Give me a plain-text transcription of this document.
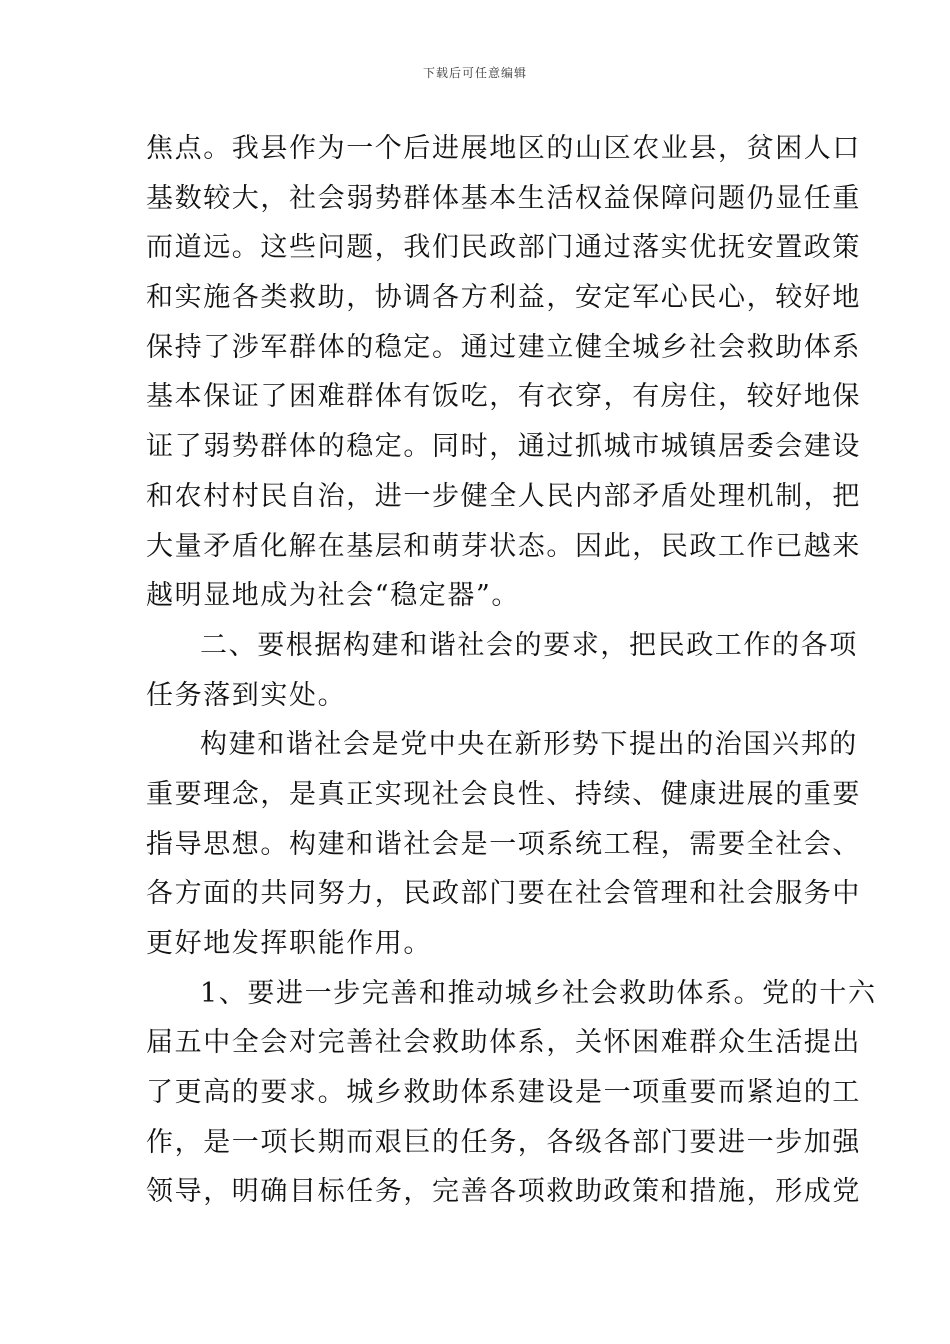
下载后可任意编辑
焦点。我县作为一个后进展地区的山区农业县，贫困人口
基数较大，社会弱势群体基本生活权益保障问题仍显任重
而道远。这些问题，我们民政部门通过落实优抚安置政策
和实施各类救助，协调各方利益，安定军心民心，较好地
保持了涉军群体的稳定。通过建立健全城乡社会救助体系
基本保证了困难群体有饭吃，有衣穿，有房住，较好地保
证了弱势群体的稳定。同时，通过抓城市城镇居委会建设
和农村村民自治，进一步健全人民内部矛盾处理机制，把
大量矛盾化解在基层和萌芽状态。因此，民政工作已越来
越明显地成为社会“稳定器”。
二、要根据构建和谐社会的要求，把民政工作的各项
任务落到实处。
构建和谐社会是党中央在新形势下提出的治国兴邦的
重要理念，是真正实现社会良性、持续、健康进展的重要
指导思想。构建和谐社会是一项系统工程，需要全社会、
各方面的共同努力，民政部门要在社会管理和社会服务中
更好地发挥职能作用。
1、要进一步完善和推动城乡社会救助体系。党的十六
届五中全会对完善社会救助体系，关怀困难群众生活提出
了更高的要求。城乡救助体系建设是一项重要而紧迫的工
作，是一项长期而艰巨的任务，各级各部门要进一步加强
领导，明确目标任务，完善各项救助政策和措施，形成党
